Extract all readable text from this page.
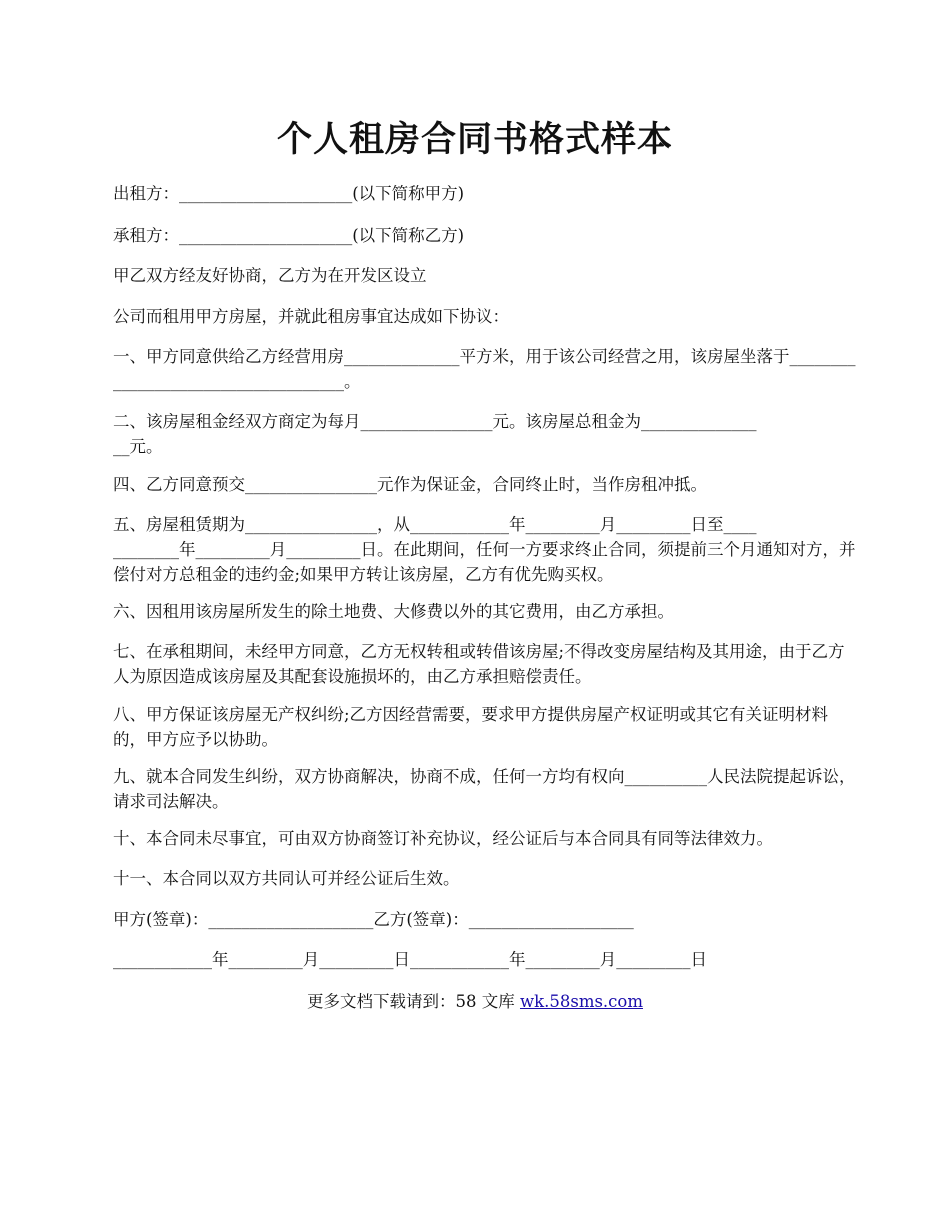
个人租房合同书格式样本
出租方：_____________________(以下简称甲方)
承租方：_____________________(以下简称乙方)
甲乙双方经友好协商，乙方为在开发区设立
公司而租用甲方房屋，并就此租房事宜达成如下协议：
一、甲方同意供给乙方经营用房______________平方米，用于该公司经营之用，该房屋坐落于____________________________________。
二、该房屋租金经双方商定为每月________________元。该房屋总租金为______________
__元。
四、乙方同意预交________________元作为保证金，合同终止时，当作房租冲抵。
五、房屋租赁期为________________，从____________年_________月_________日至____
________年_________月_________日。在此期间，任何一方要求终止合同，须提前三个月通知对方，并偿付对方总租金的违约金;如果甲方转让该房屋，乙方有优先购买权。
六、因租用该房屋所发生的除土地费、大修费以外的其它费用，由乙方承担。
七、在承租期间，未经甲方同意，乙方无权转租或转借该房屋;不得改变房屋结构及其用途，由于乙方人为原因造成该房屋及其配套设施损坏的，由乙方承担赔偿责任。
八、甲方保证该房屋无产权纠纷;乙方因经营需要，要求甲方提供房屋产权证明或其它有关证明材料的，甲方应予以协助。
九、就本合同发生纠纷，双方协商解决，协商不成，任何一方均有权向__________人民法院提起诉讼，请求司法解决。
十、本合同未尽事宜，可由双方协商签订补充协议，经公证后与本合同具有同等法律效力。
十一、本合同以双方共同认可并经公证后生效。
甲方(签章)：____________________乙方(签章)：____________________
____________年_________月_________日____________年_________月_________日
更多文档下载请到：58 文库 wk.58sms.com
